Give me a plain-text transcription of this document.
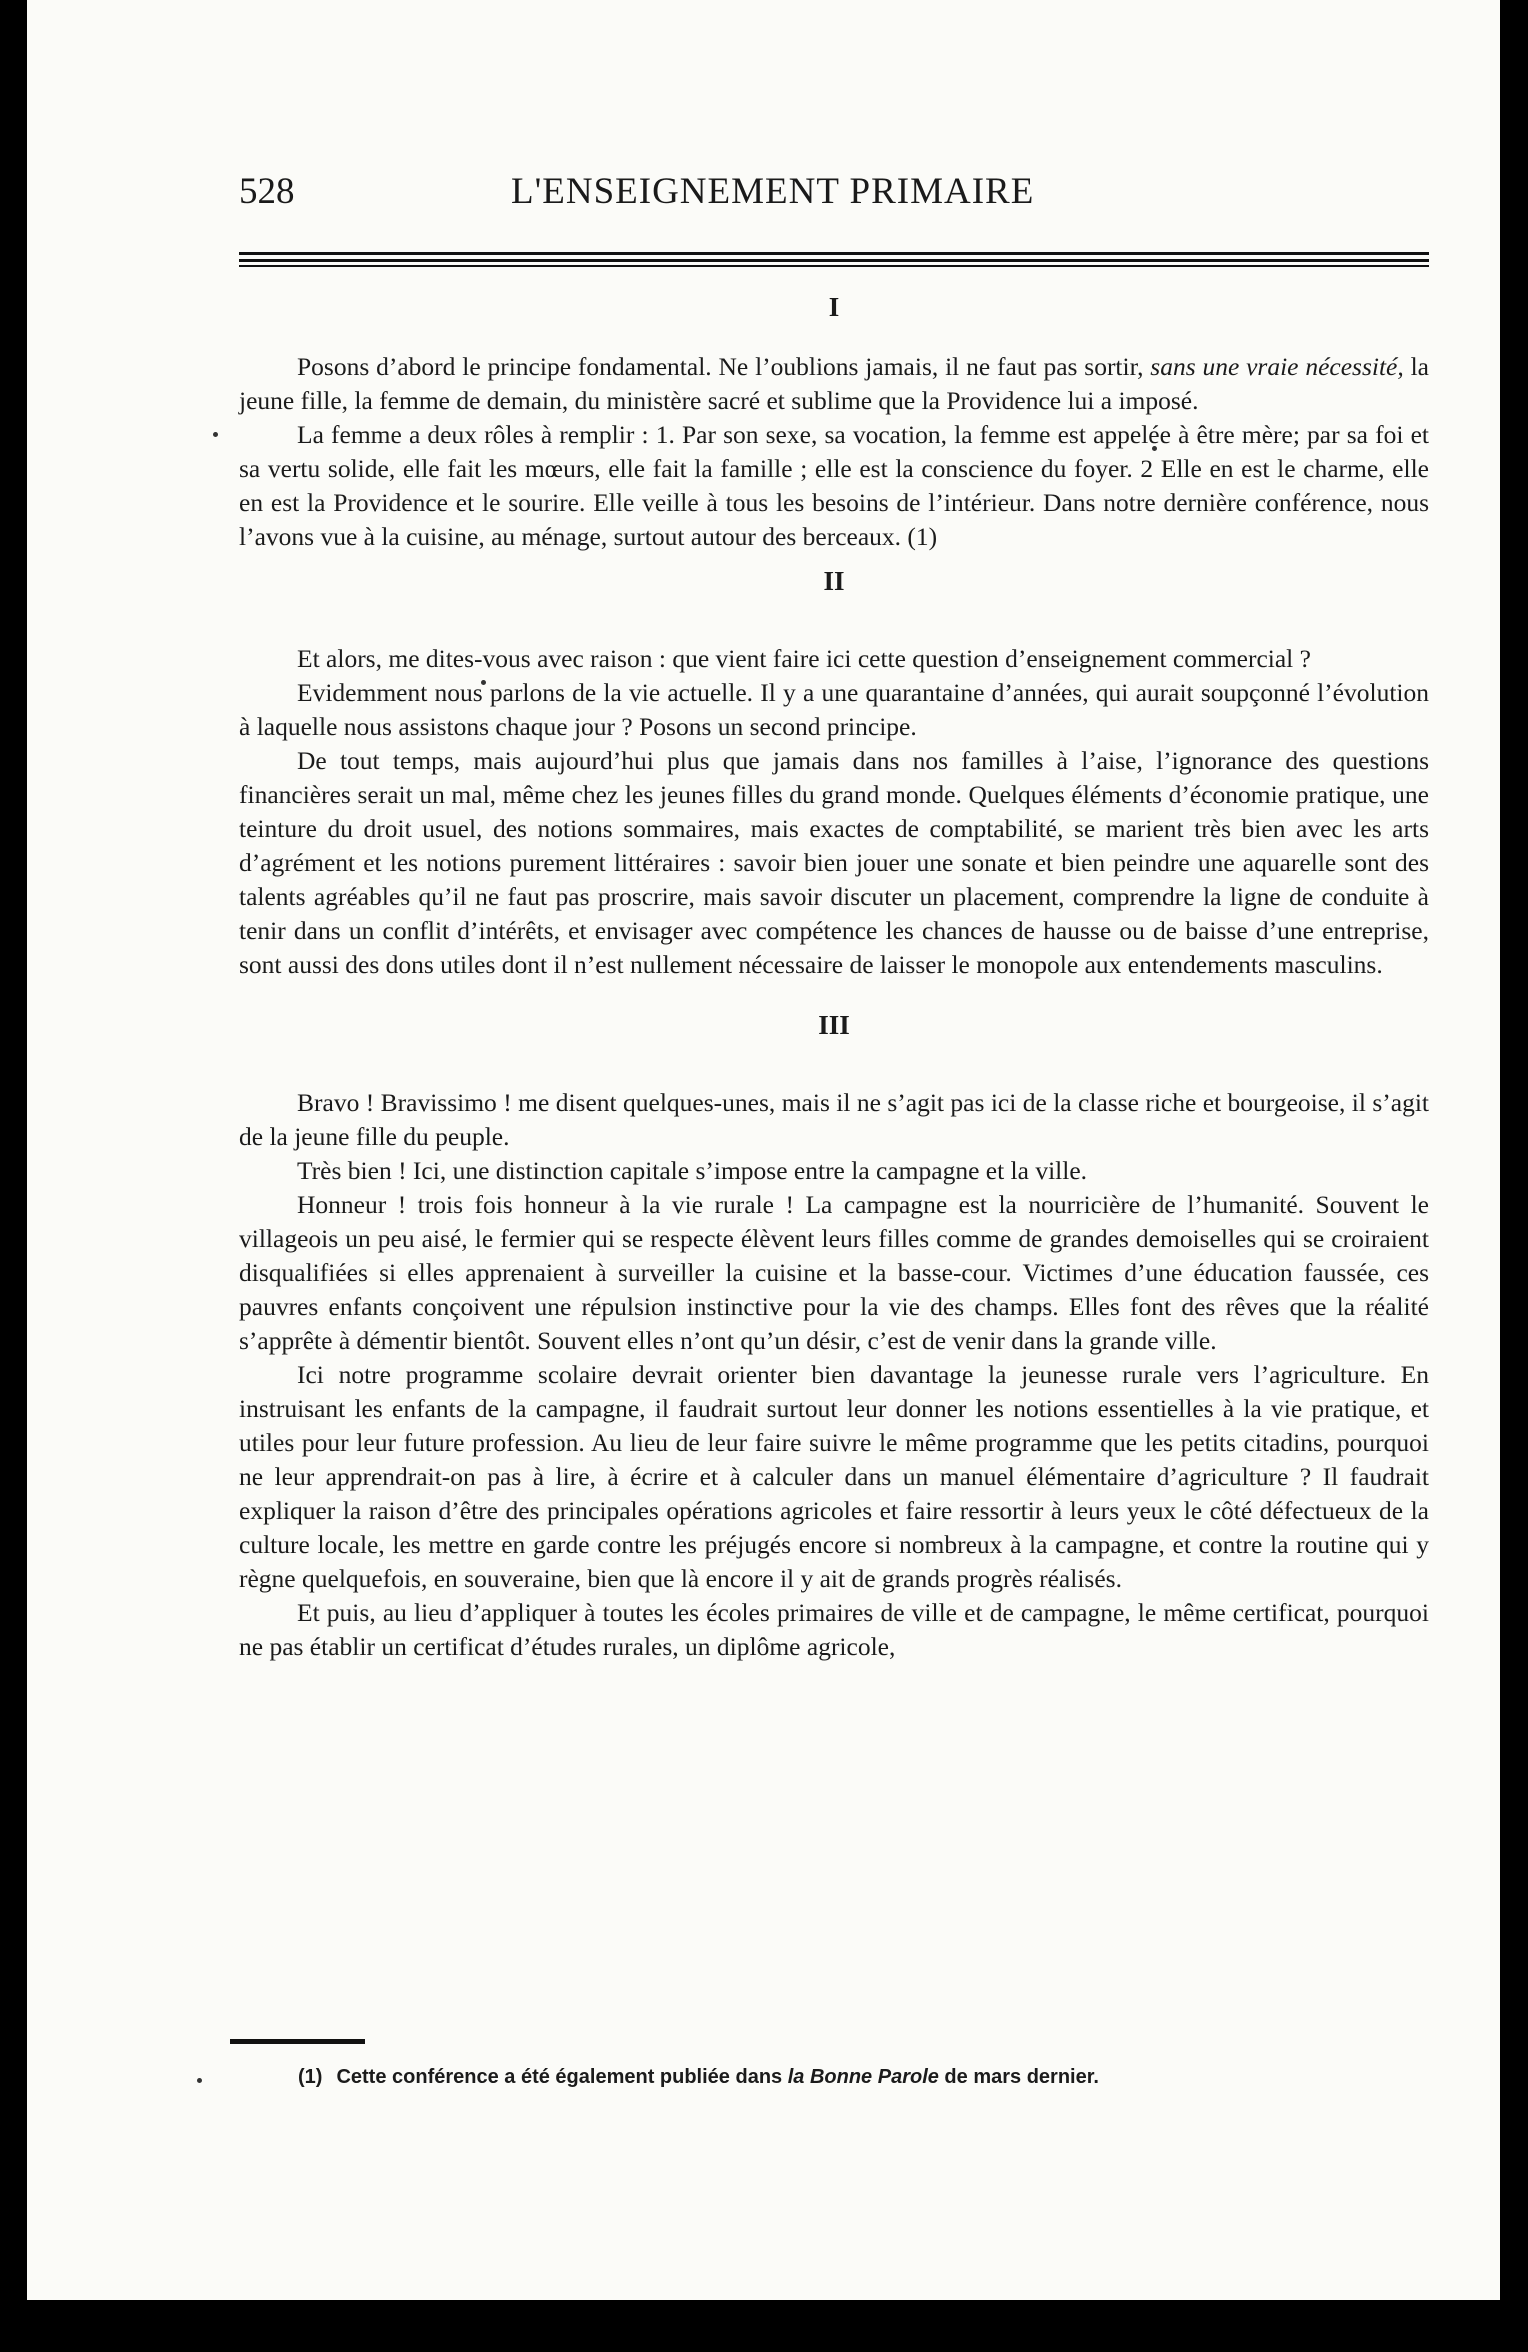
528	L'ENSEIGNEMENT PRIMAIRE
I

Posons d’abord le principe fondamental. Ne l’oublions jamais, il ne faut pas sortir, sans une vraie nécessité, la jeune fille, la femme de demain, du ministère sacré et sublime que la Providence lui a imposé.

La femme a deux rôles à remplir : 1. Par son sexe, sa vocation, la femme est appelée à être mère; par sa foi et sa vertu solide, elle fait les mœurs, elle fait la famille ; elle est la conscience du foyer. 2 Elle en est le charme, elle en est la Providence et le sourire. Elle veille à tous les besoins de l’intérieur. Dans notre dernière conférence, nous l’avons vue à la cuisine, au ménage, surtout autour des berceaux. (1)

II

Et alors, me dites-vous avec raison : que vient faire ici cette question d’enseignement commercial ?

Evidemment nous parlons de la vie actuelle. Il y a une quarantaine d’années, qui aurait soupçonné l’évolution à laquelle nous assistons chaque jour ? Posons un second principe.

De tout temps, mais aujourd’hui plus que jamais dans nos familles à l’aise, l’ignorance des questions financières serait un mal, même chez les jeunes filles du grand monde. Quelques éléments d’économie pratique, une teinture du droit usuel, des notions sommaires, mais exactes de comptabilité, se marient très bien avec les arts d’agrément et les notions purement littéraires : savoir bien jouer une sonate et bien peindre une aquarelle sont des talents agréables qu’il ne faut pas proscrire, mais savoir discuter un placement, comprendre la ligne de conduite à tenir dans un conflit d’intérêts, et envisager avec compétence les chances de hausse ou de baisse d’une entreprise, sont aussi des dons utiles dont il n’est nullement nécessaire de laisser le monopole aux entendements masculins.

III

Bravo ! Bravissimo ! me disent quelques-unes, mais il ne s’agit pas ici de la classe riche et bourgeoise, il s’agit de la jeune fille du peuple.

Très bien ! Ici, une distinction capitale s’impose entre la campagne et la ville.

Honneur ! trois fois honneur à la vie rurale ! La campagne est la nourricière de l’humanité. Souvent le villageois un peu aisé, le fermier qui se respecte élèvent leurs filles comme de grandes demoiselles qui se croiraient disqualifiées si elles apprenaient à surveiller la cuisine et la basse-cour. Victimes d’une éducation faussée, ces pauvres enfants conçoivent une répulsion instinctive pour la vie des champs. Elles font des rêves que la réalité s’apprête à démentir bientôt. Souvent elles n’ont qu’un désir, c’est de venir dans la grande ville.

Ici notre programme scolaire devrait orienter bien davantage la jeunesse rurale vers l’agriculture. En instruisant les enfants de la campagne, il faudrait surtout leur donner les notions essentielles à la vie pratique, et utiles pour leur future profession. Au lieu de leur faire suivre le même programme que les petits citadins, pourquoi ne leur apprendrait-on pas à lire, à écrire et à calculer dans un manuel élémentaire d’agriculture ? Il faudrait expliquer la raison d’être des principales opérations agricoles et faire ressortir à leurs yeux le côté défectueux de la culture locale, les mettre en garde contre les préjugés encore si nombreux à la campagne, et contre la routine qui y règne quelquefois, en souveraine, bien que là encore il y ait de grands progrès réalisés.

Et puis, au lieu d’appliquer à toutes les écoles primaires de ville et de campagne, le même certificat, pourquoi ne pas établir un certificat d’études rurales, un diplôme agricole,

(1) Cette conférence a été également publiée dans la Bonne Parole de mars dernier.
